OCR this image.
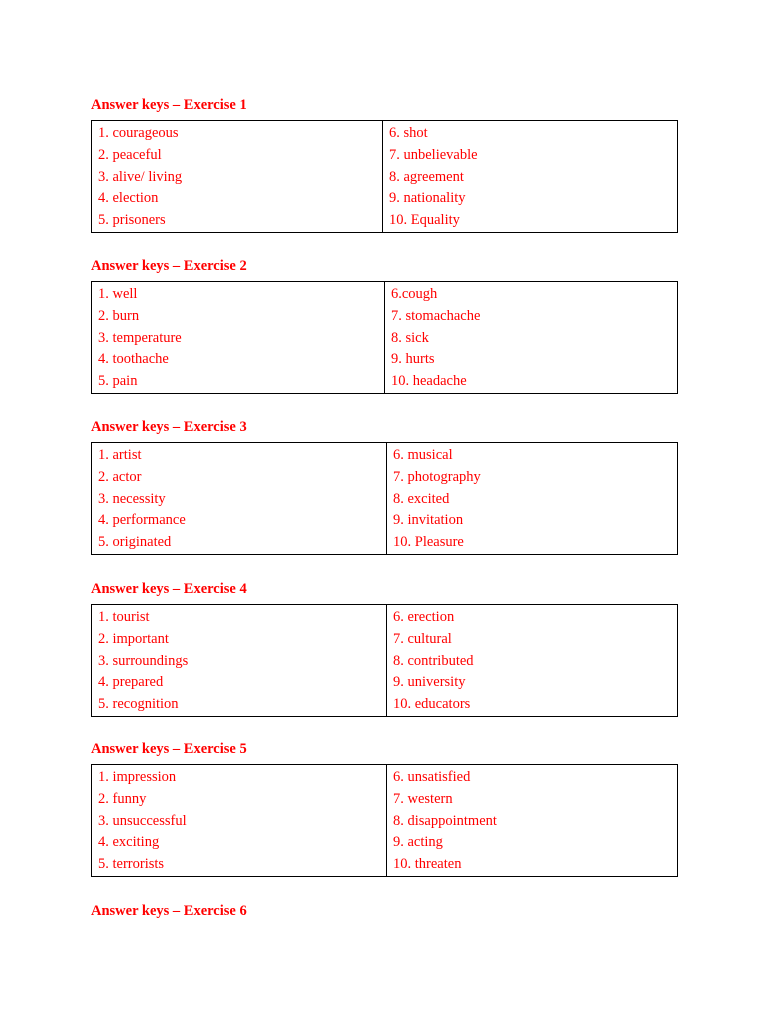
Answer keys – Exercise 1
1. courageous
2. peaceful
3. alive/ living
4. election
5. prisoners
6. shot
7. unbelievable
8. agreement
9. nationality
10. Equality
Answer keys – Exercise 2
1. well
2. burn
3. temperature
4. toothache
5. pain
6.cough
7. stomachache
8. sick
9. hurts
10. headache
Answer keys – Exercise 3
1. artist
2. actor
3. necessity
4. performance
5. originated
6. musical
7. photography
8. excited
9. invitation
10. Pleasure
Answer keys – Exercise 4
1. tourist
2. important
3. surroundings
4. prepared
5. recognition
6. erection
7. cultural
8. contributed
9. university
10. educators
Answer keys – Exercise 5
1. impression
2. funny
3. unsuccessful
4. exciting
5. terrorists
6. unsatisfied
7. western
8. disappointment
9. acting
10. threaten
Answer keys – Exercise 6
